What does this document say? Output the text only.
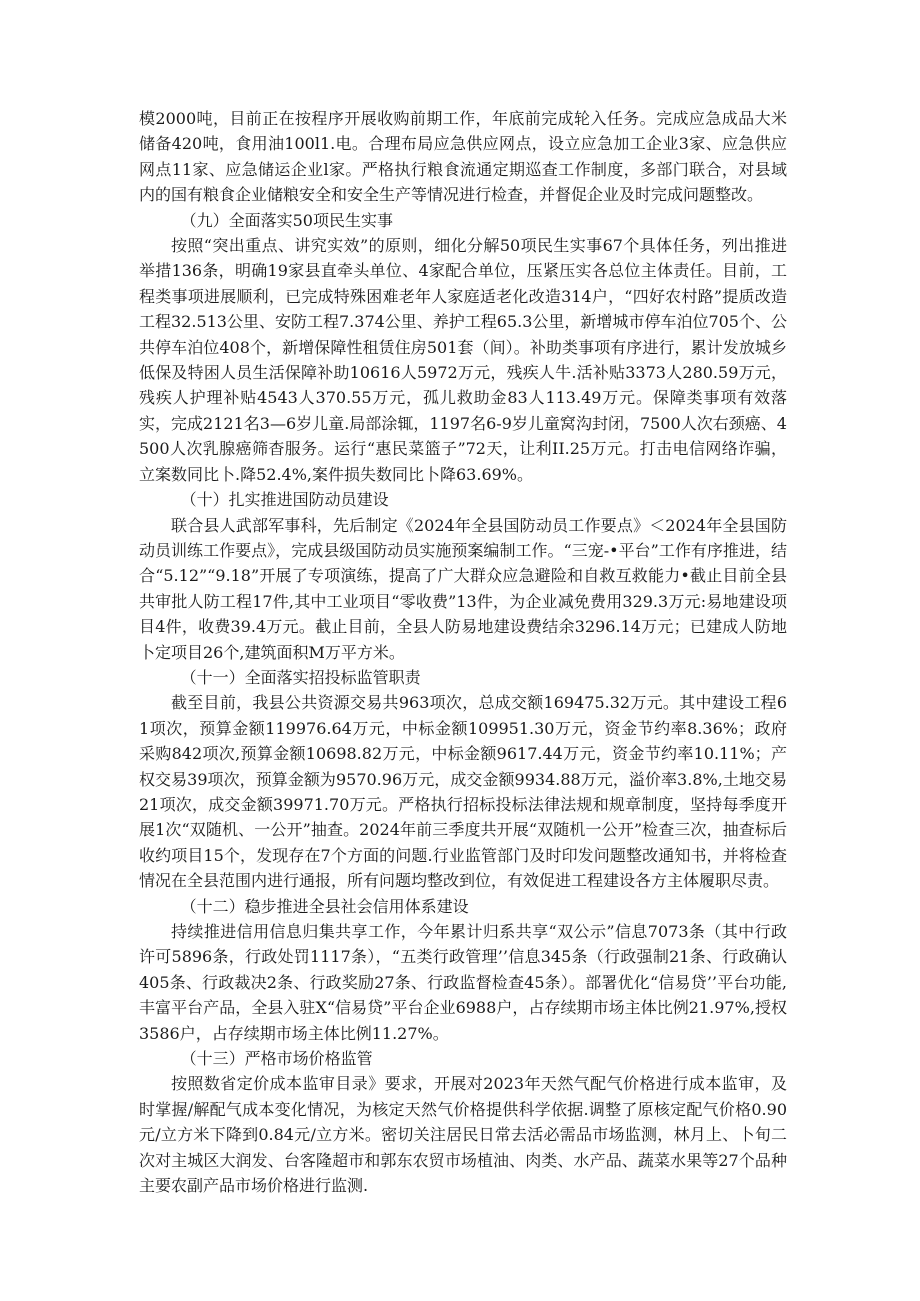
模2000吨，目前正在按程序开展收购前期工作，年底前完成轮入任务。完成应急成品大米储备420吨，食用油100l1.电。合理布局应急供应网点，设立应急加工企业3家、应急供应网点11家、应急储运企业l家。严格执行粮食流通定期巡查工作制度，多部门联合，对县域内的国有粮食企业储粮安全和安全生产等情况进行检查，并督促企业及时完成问题整改。

（九）全面落实50项民生实事

按照“突出重点、讲究实效”的原则，细化分解50项民生实事67个具体任务，列出推进举措136条，明确19家县直牵头单位、4家配合单位，压紧压实各总位主体责任。目前，工程类事项进展顺利，已完成特殊困难老年人家庭适老化改造314户，“四好农村路”提质改造工程32.513公里、安防工程7.374公里、养护工程65.3公里，新增城市停车泊位705个、公共停车泊位408个，新增保障性租赁住房501套（间）。补助类事项有序进行，累计发放城乡低保及特困人员生活保障补助10616人5972万元，残疾人牛.活补贴3373人280.59万元，残疾人护理补贴4543人370.55万元，孤儿救助金83人113.49万元。保障类事项有效落实，完成2121名3—6岁儿童.局部涂辄，1197名6-9岁儿童窝沟封闭，7500人次右颈癌、4500人次乳腺癌筛杳服务。运行“惠民菜篮子”72天，让利II.25万元。打击电信网络诈骗，立案数同比卜.降52.4%,案件损失数同比卜降63.69%。

（十）扎实推进国防动员建设

联合县人武部军事科，先后制定《2024年全县国防动员工作要点》＜2024年全县国防动员训练工作要点》，完成县级国防动员实施预案编制工作。“三宠-•平台”工作有序推进，结合“5.12”“9.18”开展了专项演练，提高了广大群众应急避险和自救互救能力•截止目前全县共审批人防工程17件,其中工业项目“零收费”13件，为企业减免费用329.3万元:易地建设项目4件，收费39.4万元。截止目前，全县人防易地建设费结余3296.14万元；已建成人防地卜定项目26个,建筑面积M万平方米。

（十一）全面落实招投标监管职责

截至目前，我县公共资源交易共963项次，总成交额169475.32万元。其中建设工程61项次，预算金额119976.64万元，中标金额109951.30万元，资金节约率8.36%；政府采购842项次,预算金额10698.82万元，中标金额9617.44万元，资金节约率10.11%；产权交易39项次，预算金额为9570.96万元，成交金额9934.88万元，溢价率3.8%,土地交易21项次，成交金额39971.70万元。严格执行招标投标法律法规和规章制度，坚持每季度开展1次“双随机、一公开”抽查。2024年前三季度共开展“双随机一公开”检查三次，抽查标后收约项目15个，发现存在7个方面的问题.行业监管部门及时印发问题整改通知书，并将检查情况在全县范围内进行通报，所有问题均整改到位，有效促进工程建设各方主体履职尽责。

（十二）稳步推进全县社会信用体系建设

持续推进信用信息归集共享工作，今年累计归系共享“双公示”信息7073条（其中行政许可5896条，行政处罚1117条），“五类行政管理’’信息345条（行政强制21条、行政确认405条、行政裁决2条、行政奖励27条、行政监督检查45条）。部署优化“信易贷’’平台功能,丰富平台产品，全县入驻X“信易贷”平台企业6988户，占存续期市场主体比例21.97%,授权3586户，占存续期市场主体比例11.27%。

（十三）严格市场价格监管

按照数省定价成本监审目录》要求，开展对2023年天然气配气价格进行成本监审，及时掌握/解配气成本变化情况，为核定天然气价格提供科学依据.调整了原核定配气价格0.90元/立方米下降到0.84元/立方米。密切关注居民日常去活必需品市场监测，林月上、卜旬二次对主城区大润发、台客隆超市和郭东农贸市场植油、肉类、水产品、蔬菜水果等27个品种主要农副产品市场价格进行监测.
